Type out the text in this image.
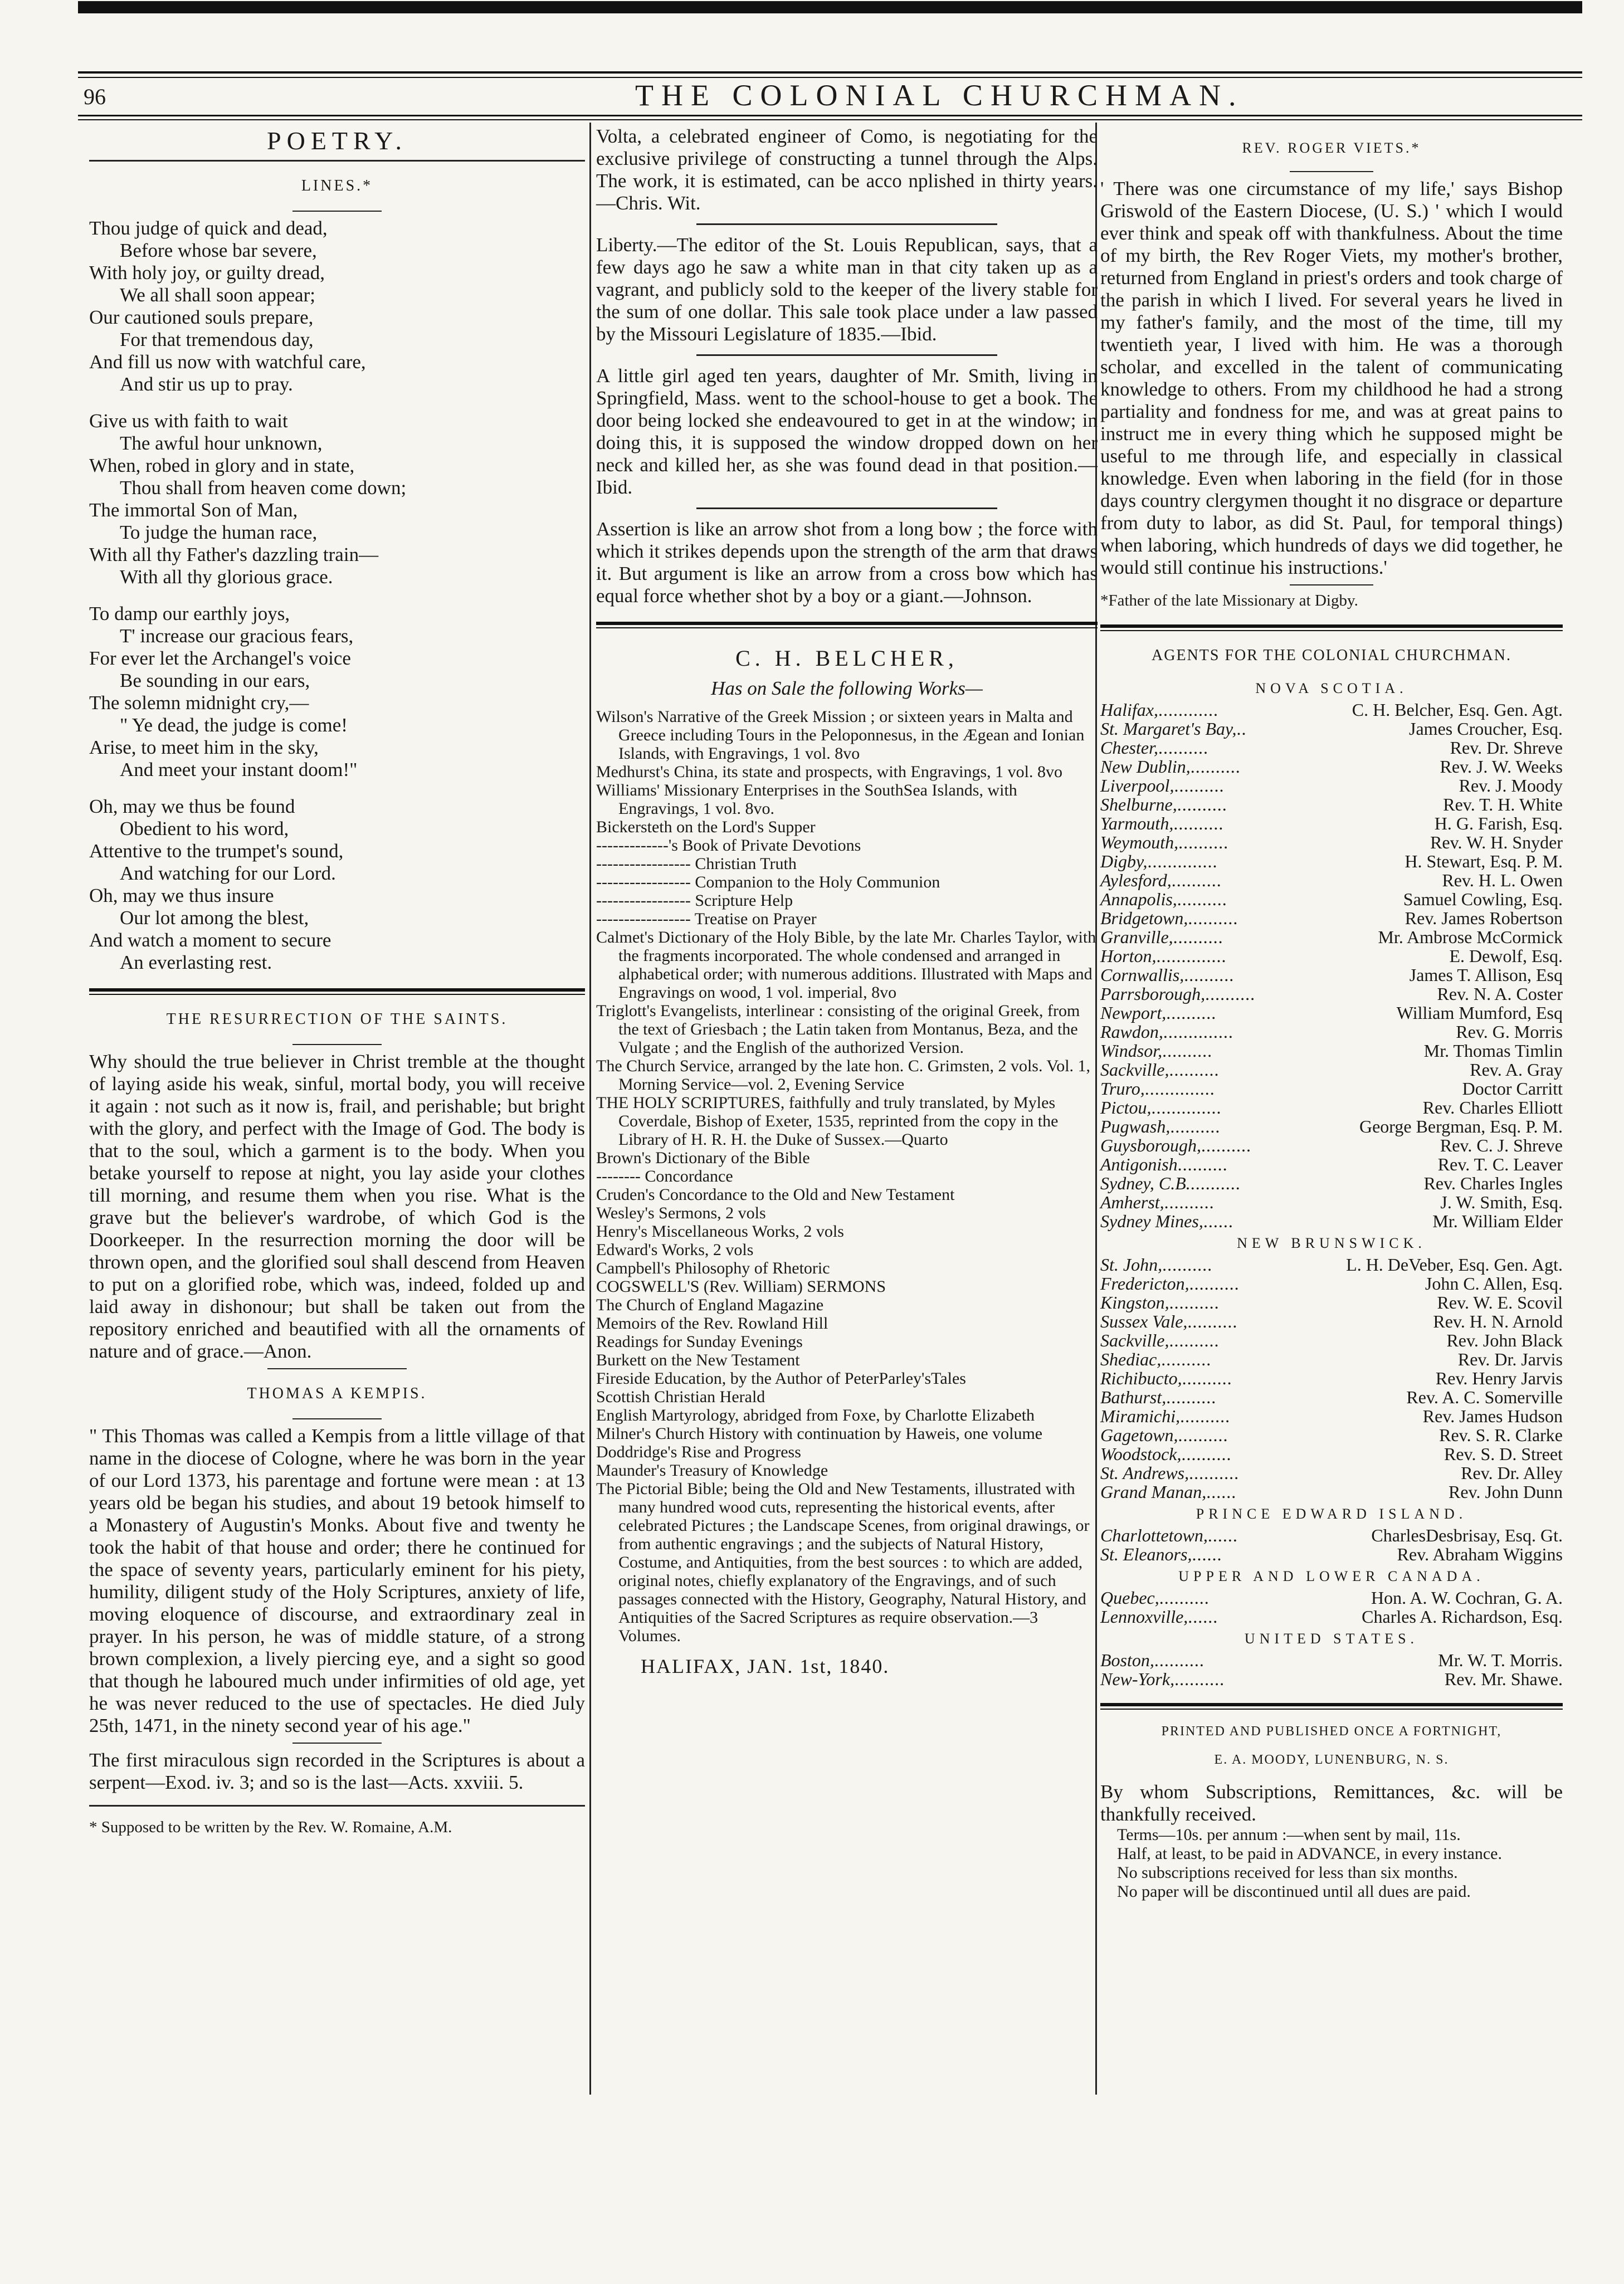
96	THE COLONIAL CHURCHMAN.

POETRY.

LINES.*

Thou judge of quick and dead,
Before whose bar severe,
With holy joy, or guilty dread,
We all shall soon appear;
Our cautioned souls prepare,
For that tremendous day,
And fill us now with watchful care,
And stir us up to pray.
Give us with faith to wait
The awful hour unknown,
When, robed in glory and in state,
Thou shall from heaven come down;
The immortal Son of Man,
To judge the human race,
With all thy Father's dazzling train—
With all thy glorious grace.
To damp our earthly joys,
T' increase our gracious fears,
For ever let the Archangel's voice
Be sounding in our ears,
The solemn midnight cry,—
" Ye dead, the judge is come!
Arise, to meet him in the sky,
And meet your instant doom!"
Oh, may we thus be found
Obedient to his word,
Attentive to the trumpet's sound,
And watching for our Lord.
Oh, may we thus insure
Our lot among the blest,
And watch a moment to secure
An everlasting rest.

THE RESURRECTION OF THE SAINTS.

Why should the true believer in Christ tremble at the thought of laying aside his weak, sinful, mortal body, you will receive it again : not such as it now is, frail, and perishable; but bright with the glory, and perfect with the Image of God. The body is that to the soul, which a garment is to the body. When you betake yourself to repose at night, you lay aside your clothes till morning, and resume them when you rise. What is the grave but the believer's wardrobe, of which God is the Doorkeeper. In the resurrection morning the door will be thrown open, and the glorified soul shall descend from Heaven to put on a glorified robe, which was, indeed, folded up and laid away in dishonour; but shall be taken out from the repository enriched and beautified with all the ornaments of nature and of grace.—Anon.

THOMAS A KEMPIS.

" This Thomas was called a Kempis from a little village of that name in the diocese of Cologne, where he was born in the year of our Lord 1373, his parentage and fortune were mean : at 13 years old be began his studies, and about 19 betook himself to a Monastery of Augustin's Monks. About five and twenty he took the habit of that house and order; there he continued for the space of seventy years, particularly eminent for his piety, humility, diligent study of the Holy Scriptures, anxiety of life, moving eloquence of discourse, and extraordinary zeal in prayer. In his person, he was of middle stature, of a strong brown complexion, a lively piercing eye, and a sight so good that though he laboured much under infirmities of old age, yet he was never reduced to the use of spectacles. He died July 25th, 1471, in the ninety second year of his age."

The first miraculous sign recorded in the Scriptures is about a serpent—Exod. iv. 3; and so is the last—Acts. xxviii. 5.

* Supposed to be written by the Rev. W. Romaine, A.M.

Volta, a celebrated engineer of Como, is negotiating for the exclusive privilege of constructing a tunnel through the Alps. The work, it is estimated, can be acco nplished in thirty years.—Chris. Wit.

Liberty.—The editor of the St. Louis Republican, says, that a few days ago he saw a white man in that city taken up as a vagrant, and publicly sold to the keeper of the livery stable for the sum of one dollar. This sale took place under a law passed by the Missouri Legislature of 1835.—Ibid.

A little girl aged ten years, daughter of Mr. Smith, living in Springfield, Mass. went to the school-house to get a book. The door being locked she endeavoured to get in at the window; in doing this, it is supposed the window dropped down on her neck and killed her, as she was found dead in that position.—Ibid.

Assertion is like an arrow shot from a long bow ; the force with which it strikes depends upon the strength of the arm that draws it. But argument is like an arrow from a cross bow which has equal force whether shot by a boy or a giant.—Johnson.

C. H. BELCHER,

Has on Sale the following Works—

Wilson's Narrative of the Greek Mission ; or sixteen years in Malta and Greece including Tours in the Peloponnesus, in the Ægean and Ionian Islands, with Engravings, 1 vol. 8vo

Medhurst's China, its state and prospects, with Engravings, 1 vol. 8vo

Williams' Missionary Enterprises in the SouthSea Islands, with Engravings, 1 vol. 8vo.

Bickersteth on the Lord's Supper

-------------'s Book of Private Devotions

----------------- Christian Truth

----------------- Companion to the Holy Communion

----------------- Scripture Help

----------------- Treatise on Prayer

Calmet's Dictionary of the Holy Bible, by the late Mr. Charles Taylor, with the fragments incorporated. The whole condensed and arranged in alphabetical order; with numerous additions. Illustrated with Maps and Engravings on wood, 1 vol. imperial, 8vo

Triglott's Evangelists, interlinear : consisting of the original Greek, from the text of Griesbach ; the Latin taken from Montanus, Beza, and the Vulgate ; and the English of the authorized Version.

The Church Service, arranged by the late hon. C. Grimsten, 2 vols. Vol. 1, Morning Service—vol. 2, Evening Service

THE HOLY SCRIPTURES, faithfully and truly translated, by Myles Coverdale, Bishop of Exeter, 1535, reprinted from the copy in the Library of H. R. H. the Duke of Sussex.—Quarto

Brown's Dictionary of the Bible

-------- Concordance

Cruden's Concordance to the Old and New Testament

Wesley's Sermons, 2 vols

Henry's Miscellaneous Works, 2 vols

Edward's Works, 2 vols

Campbell's Philosophy of Rhetoric

COGSWELL'S (Rev. William) SERMONS

The Church of England Magazine

Memoirs of the Rev. Rowland Hill

Readings for Sunday Evenings

Burkett on the New Testament

Fireside Education, by the Author of PeterParley'sTales

Scottish Christian Herald

English Martyrology, abridged from Foxe, by Charlotte Elizabeth

Milner's Church History with continuation by Haweis, one volume

Doddridge's Rise and Progress

Maunder's Treasury of Knowledge

The Pictorial Bible; being the Old and New Testaments, illustrated with many hundred wood cuts, representing the historical events, after celebrated Pictures ; the Landscape Scenes, from original drawings, or from authentic engravings ; and the subjects of Natural History, Costume, and Antiquities, from the best sources : to which are added, original notes, chiefly explanatory of the Engravings, and of such passages connected with the History, Geography, Natural History, and Antiquities of the Sacred Scriptures as require observation.—3 Volumes.

HALIFAX, JAN. 1st, 1840.

REV. ROGER VIETS.*

' There was one circumstance of my life,' says Bishop Griswold of the Eastern Diocese, (U. S.) ' which I would ever think and speak off with thankfulness. About the time of my birth, the Rev Roger Viets, my mother's brother, returned from England in priest's orders and took charge of the parish in which I lived. For several years he lived in my father's family, and the most of the time, till my twentieth year, I lived with him. He was a thorough scholar, and excelled in the talent of communicating knowledge to others. From my childhood he had a strong partiality and fondness for me, and was at great pains to instruct me in every thing which he supposed might be useful to me through life, and especially in classical knowledge. Even when laboring in the field (for in those days country clergymen thought it no disgrace or departure from duty to labor, as did St. Paul, for temporal things) when laboring, which hundreds of days we did together, he would still continue his instructions.'

*Father of the late Missionary at Digby.

AGENTS FOR THE COLONIAL CHURCHMAN.

NOVA SCOTIA.
Halifax, ............	C. H. Belcher, Esq. Gen. Agt.
St. Margaret's Bay, ..	James Croucher, Esq.
Chester, ..........	Rev. Dr. Shreve
New Dublin, ..........	Rev. J. W. Weeks
Liverpool, ..........	Rev. J. Moody
Shelburne, ..........	Rev. T. H. White
Yarmouth, ..........	H. G. Farish, Esq.
Weymouth, ..........	Rev. W. H. Snyder
Digby, ..............	H. Stewart, Esq. P. M.
Aylesford, ..........	Rev. H. L. Owen
Annapolis, ..........	Samuel Cowling, Esq.
Bridgetown, ..........	Rev. James Robertson
Granville, ..........	Mr. Ambrose McCormick
Horton, ..............	E. Dewolf, Esq.
Cornwallis, ..........	James T. Allison, Esq
Parrsborough, ..........	Rev. N. A. Coster
Newport, ..........	William Mumford, Esq
Rawdon, ..............	Rev. G. Morris
Windsor, ..........	Mr. Thomas Timlin
Sackville, ..........	Rev. A. Gray
Truro, ..............	Doctor Carritt
Pictou, ..............	Rev. Charles Elliott
Pugwash, ..........	George Bergman, Esq. P. M.
Guysborough, ..........	Rev. C. J. Shreve
Antigonish ..........	Rev. T. C. Leaver
Sydney, C.B. ..........	Rev. Charles Ingles
Amherst, ..........	J. W. Smith, Esq.
Sydney Mines, ......	Mr. William Elder
NEW BRUNSWICK.
St. John, ..........	L. H. DeVeber, Esq. Gen. Agt.
Fredericton, ..........	John C. Allen, Esq.
Kingston, ..........	Rev. W. E. Scovil
Sussex Vale, ..........	Rev. H. N. Arnold
Sackville, ..........	Rev. John Black
Shediac, ..........	Rev. Dr. Jarvis
Richibucto, ..........	Rev. Henry Jarvis
Bathurst, ..........	Rev. A. C. Somerville
Miramichi, ..........	Rev. James Hudson
Gagetown, ..........	Rev. S. R. Clarke
Woodstock, ..........	Rev. S. D. Street
St. Andrews, ..........	Rev. Dr. Alley
Grand Manan, ......	Rev. John Dunn
PRINCE EDWARD ISLAND.
Charlottetown, ......	CharlesDesbrisay, Esq. Gt.
St. Eleanors, ......	Rev. Abraham Wiggins
UPPER AND LOWER CANADA.
Quebec, ..........	Hon. A. W. Cochran, G. A.
Lennoxville, ......	Charles A. Richardson, Esq.
UNITED STATES.
Boston, ..........	Mr. W. T. Morris.
New-York, ..........	Rev. Mr. Shawe.

PRINTED AND PUBLISHED ONCE A FORTNIGHT,

E. A. MOODY, LUNENBURG, N. S.

By whom Subscriptions, Remittances, &c. will be thankfully received.

Terms—10s. per annum :—when sent by mail, 11s.

Half, at least, to be paid in ADVANCE, in every instance.

No subscriptions received for less than six months.

No paper will be discontinued until all dues are paid.
